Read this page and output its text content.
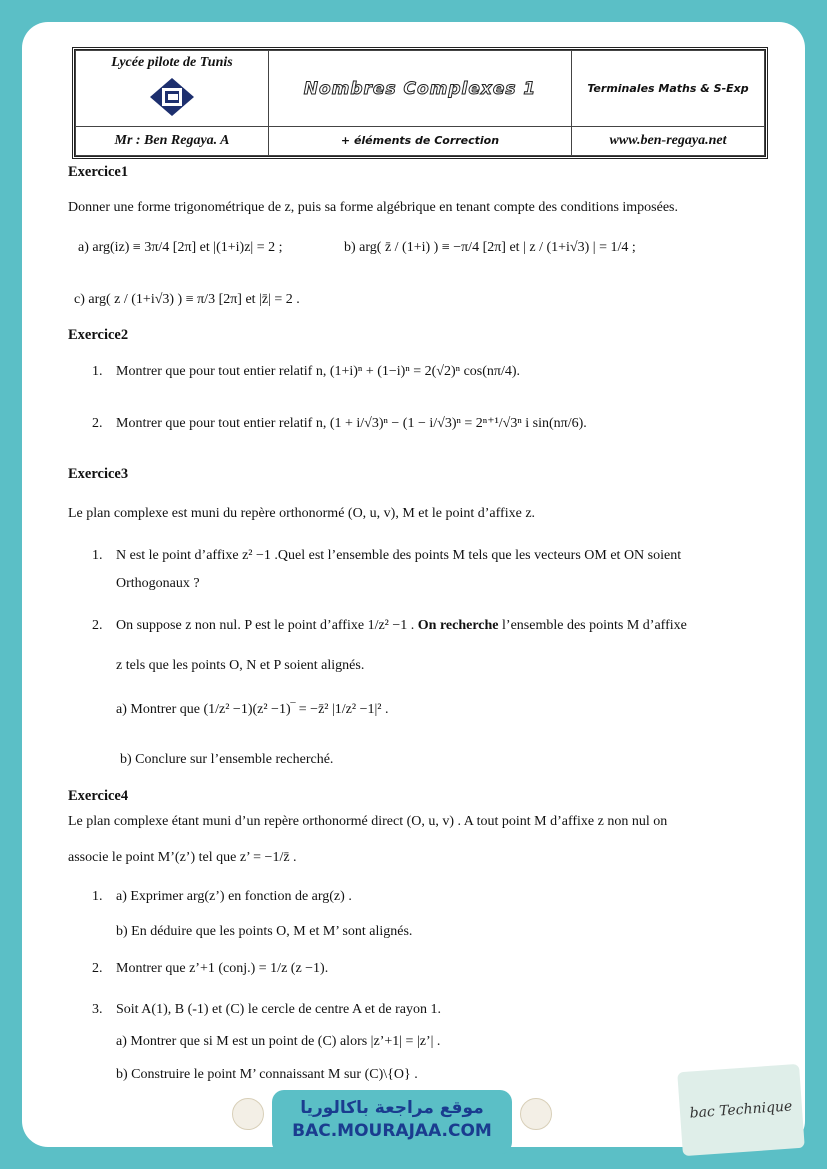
Lycée pilote de Tunis	Nombres Complexes 1	Terminales Maths & S-Exp
Mr : Ben Regaya. A	+ éléments de Correction	www.ben-regaya.net
Exercice1
Donner une forme trigonométrique de z, puis sa forme algébrique en tenant compte des conditions imposées.
a) arg(iz) ≡ 3π/4 [2π] et |(1+i)z| = 2 ;	b) arg( z̄ / (1+i) ) ≡ −π/4 [2π] et | z / (1+i√3) | = 1/4 ;
c) arg( z / (1+i√3) ) ≡ π/3 [2π] et |z̄| = 2 .
Exercice2
1. Montrer que pour tout entier relatif n, (1+i)ⁿ + (1−i)ⁿ = 2(√2)ⁿ cos(nπ/4).
2. Montrer que pour tout entier relatif n, (1 + i/√3)ⁿ − (1 − i/√3)ⁿ = 2ⁿ⁺¹/√3ⁿ i sin(nπ/6).
Exercice3
Le plan complexe est muni du repère orthonormé (O, u, v), M et le point d’affixe z.
1. N est le point d’affixe z² −1 .Quel est l’ensemble des points M tels que les vecteurs OM et ON soient
Orthogonaux ?
2. On suppose z non nul. P est le point d’affixe 1/z² −1 . On recherche l’ensemble des points M d’affixe
z tels que les points O, N et P soient alignés.
a) Montrer que (1/z² −1)(z² −1)‾ = −z̄² |1/z² −1|² .
b) Conclure sur l’ensemble recherché.
Exercice4
Le plan complexe étant muni d’un repère orthonormé direct (O, u, v) . A tout point M d’affixe z non nul on
associe le point M’(z’) tel que z’ = −1/z̄ .
1. a) Exprimer arg(z’) en fonction de arg(z) .
b) En déduire que les points O, M et M’ sont alignés.
2. Montrer que z’+1 (conj.) = 1/z (z −1).
3. Soit A(1), B (-1) et (C) le cercle de centre A et de rayon 1.
a) Montrer que si M est un point de (C) alors |z’+1| = |z’| .
b) Construire le point M’ connaissant M sur (C)\{O} .
موقع مراجعة باكالوريا
BAC.MOURAJAA.COM
bac Technique
